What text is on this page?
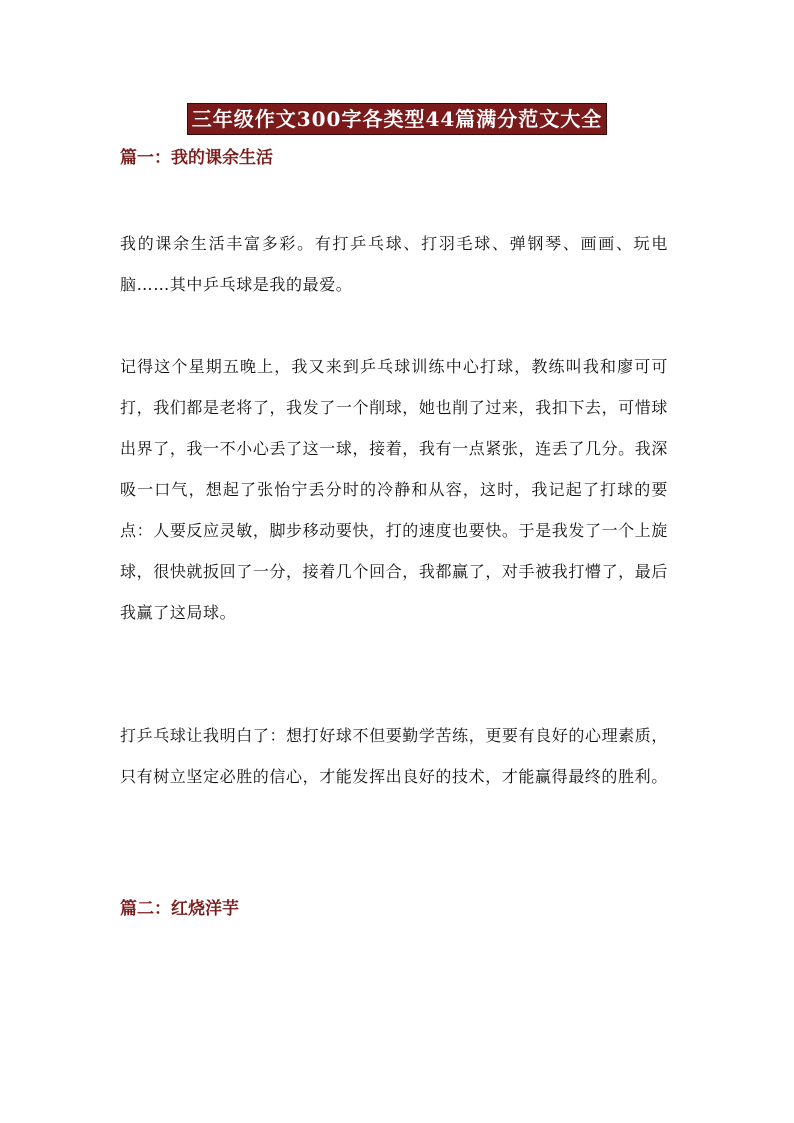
三年级作文300字各类型44篇满分范文大全
篇一：我的课余生活

我的课余生活丰富多彩。有打乒乓球、打羽毛球、弹钢琴、画画、玩电脑……其中乒乓球是我的最爱。

记得这个星期五晚上，我又来到乒乓球训练中心打球，教练叫我和廖可可打，我们都是老将了，我发了一个削球，她也削了过来，我扣下去，可惜球出界了，我一不小心丢了这一球，接着，我有一点紧张，连丢了几分。我深吸一口气，想起了张怡宁丢分时的冷静和从容，这时，我记起了打球的要点：人要反应灵敏，脚步移动要快，打的速度也要快。于是我发了一个上旋球，很快就扳回了一分，接着几个回合，我都赢了，对手被我打懵了，最后我赢了这局球。

打乒乓球让我明白了：想打好球不但要勤学苦练，更要有良好的心理素质，只有树立坚定必胜的信心，才能发挥出良好的技术，才能赢得最终的胜利。

篇二：红烧洋芋
